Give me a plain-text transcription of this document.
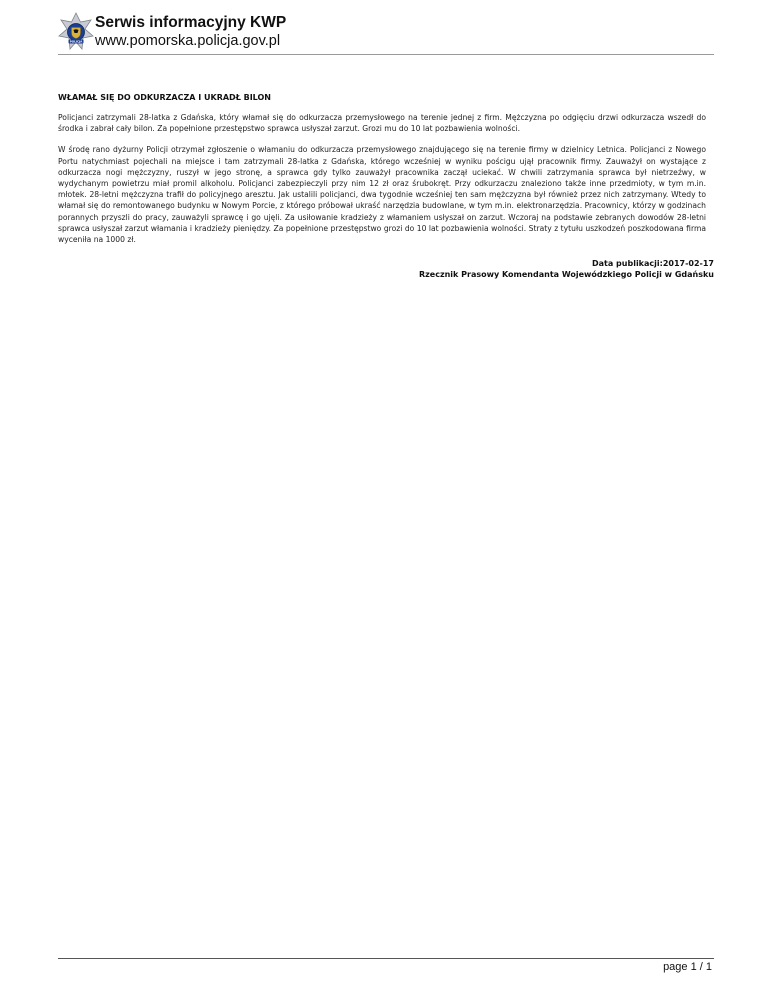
POLICJA
Serwis informacyjny KWP
www.pomorska.policja.gov.pl
WŁAMAŁ SIĘ DO ODKURZACZA I UKRADŁ BILON

Policjanci zatrzymali 28-latka z Gdańska, który włamał się do odkurzacza przemysłowego na terenie jednej z firm. Mężczyzna po odgięciu drzwi odkurzacza wszedł do środka i zabrał cały bilon. Za popełnione przestępstwo sprawca usłyszał zarzut. Grozi mu do 10 lat pozbawienia wolności.

W środę rano dyżurny Policji otrzymał zgłoszenie o włamaniu do odkurzacza przemysłowego znajdującego się na terenie firmy w dzielnicy Letnica. Policjanci z Nowego Portu natychmiast pojechali na miejsce i tam zatrzymali 28-latka z Gdańska, którego wcześniej w wyniku pościgu ujął pracownik firmy. Zauważył on wystające z odkurzacza nogi mężczyzny, ruszył w jego stronę, a sprawca gdy tylko zauważył pracownika zaczął uciekać. W chwili zatrzymania sprawca był nietrzeźwy, w wydychanym powietrzu miał promil alkoholu. Policjanci zabezpieczyli przy nim 12 zł oraz śrubokręt. Przy odkurzaczu znaleziono także inne przedmioty, w tym m.in. młotek. 28-letni mężczyzna trafił do policyjnego aresztu. Jak ustalili policjanci, dwa tygodnie wcześniej ten sam mężczyzna był również przez nich zatrzymany. Wtedy to włamał się do remontowanego budynku w Nowym Porcie, z którego próbował ukraść narzędzia budowlane, w tym m.in. elektronarzędzia. Pracownicy, którzy w godzinach porannych przyszli do pracy, zauważyli sprawcę i go ujęli. Za usiłowanie kradzieży z włamaniem usłyszał on zarzut. Wczoraj na podstawie zebranych dowodów 28-letni sprawca usłyszał zarzut włamania i kradzieży pieniędzy. Za popełnione przestępstwo grozi do 10 lat pozbawienia wolności. Straty z tytułu uszkodzeń poszkodowana firma wyceniła na 1000 zł.

Data publikacji:2017-02-17
Rzecznik Prasowy Komendanta Wojewódzkiego Policji w Gdańsku
page 1 / 1
